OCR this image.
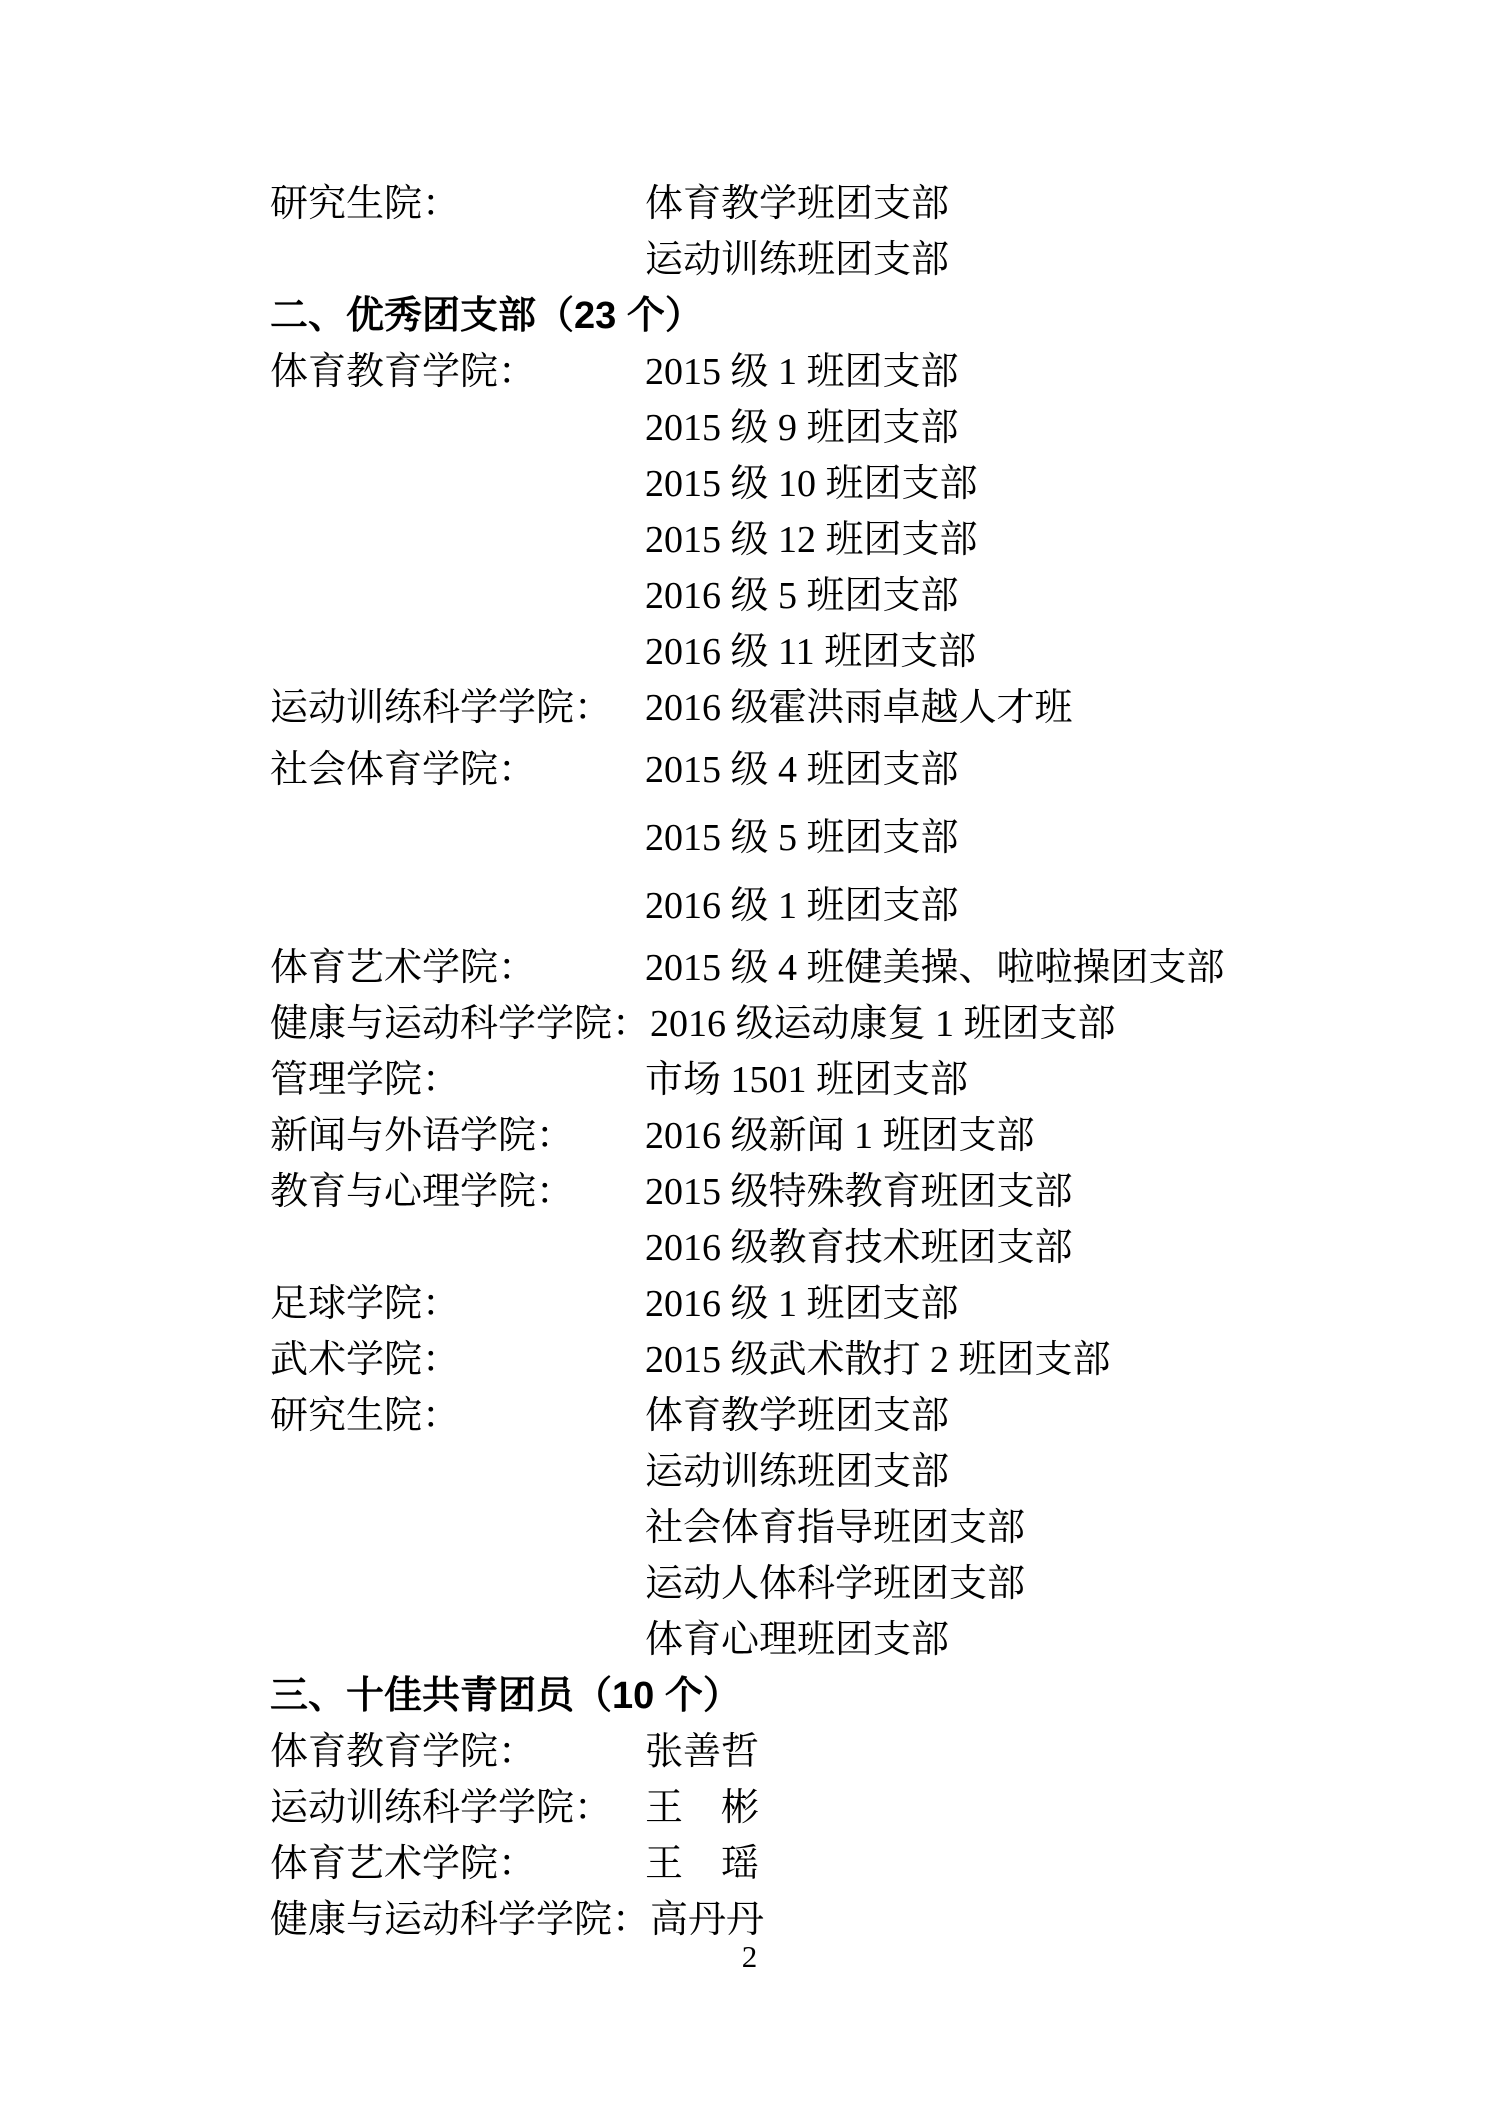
研究生院：	体育教学班团支部
运动训练班团支部
二、优秀团支部（23 个）
体育教育学院：	2015 级 1 班团支部
2015 级 9 班团支部
2015 级 10 班团支部
2015 级 12 班团支部
2016 级 5 班团支部
2016 级 11 班团支部
运动训练科学学院： 2016 级霍洪雨卓越人才班
社会体育学院：	2015 级 4 班团支部
2015 级 5 班团支部
2016 级 1 班团支部
体育艺术学院：	2015 级 4 班健美操、啦啦操团支部
健康与运动科学学院： 2016 级运动康复 1 班团支部
管理学院：	市场 1501 班团支部
新闻与外语学院：	2016 级新闻 1 班团支部
教育与心理学院：	2015 级特殊教育班团支部
2016 级教育技术班团支部
足球学院：	2016 级 1 班团支部
武术学院：	2015 级武术散打 2 班团支部
研究生院：	体育教学班团支部
运动训练班团支部
社会体育指导班团支部
运动人体科学班团支部
体育心理班团支部
三、十佳共青团员（10 个）
体育教育学院：	张善哲
运动训练科学学院： 王　彬
体育艺术学院：	王　瑶
健康与运动科学学院： 高丹丹
2
